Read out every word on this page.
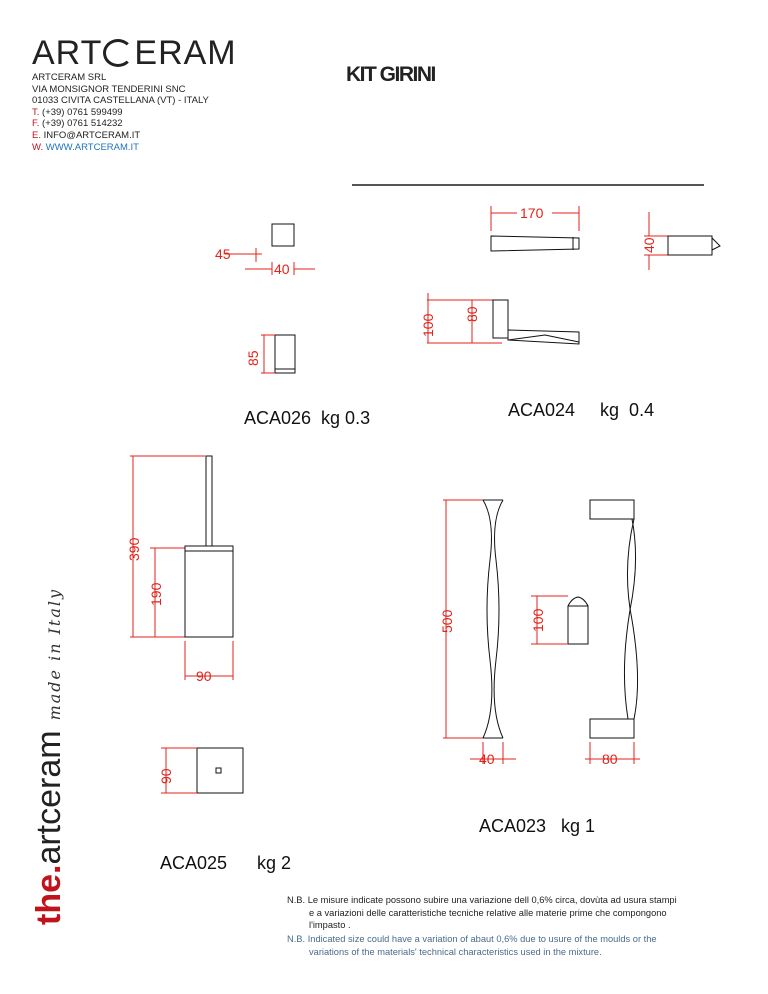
ART ERAM
ARTCERAM SRL
VIA MONSIGNOR TENDERINI SNC
01033 CIVITA CASTELLANA (VT) - ITALY
T. (+39) 0761 599499
F. (+39) 0761 514232
E. INFO@ARTCERAM.IT
W. WWW.ARTCERAM.IT
KIT GIRINI
45
40
85
170
40
100 80
390
190
90
90
500
40
100
80
ACA026  kg 0.3	ACA024     kg  0.4
ACA023   kg 1
ACA025      kg 2
the.artcerammade in Italy
N.B. Le misure indicate possono subire una variazione dell 0,6% circa, dovùta ad usura stampi
e a variazioni delle caratteristiche tecniche relative alle materie prime che compongono
l'impasto .
N.B. Indicated size could have a variation of abaut 0,6% due to usure of the moulds or the
variations of the materials' technical characteristics used in the mixture.
